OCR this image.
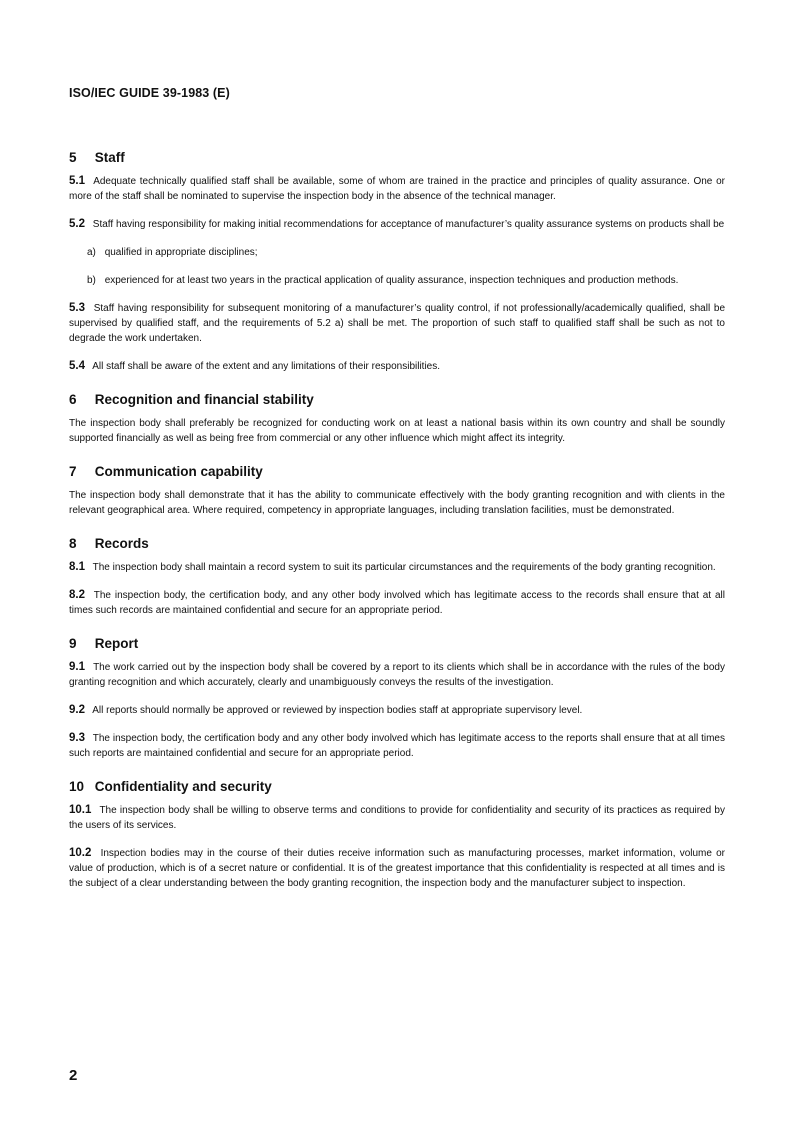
ISO/IEC GUIDE 39-1983 (E)
5 Staff
5.1 Adequate technically qualified staff shall be available, some of whom are trained in the practice and principles of quality assurance. One or more of the staff shall be nominated to supervise the inspection body in the absence of the technical manager.
5.2 Staff having responsibility for making initial recommendations for acceptance of manufacturer’s quality assurance systems on products shall be
a) qualified in appropriate disciplines;
b) experienced for at least two years in the practical application of quality assurance, inspection techniques and production methods.
5.3 Staff having responsibility for subsequent monitoring of a manufacturer’s quality control, if not professionally/academically qualified, shall be supervised by qualified staff, and the requirements of 5.2 a) shall be met. The proportion of such staff to qualified staff shall be such as not to degrade the work undertaken.
5.4 All staff shall be aware of the extent and any limitations of their responsibilities.
6 Recognition and financial stability
The inspection body shall preferably be recognized for conducting work on at least a national basis within its own country and shall be soundly supported financially as well as being free from commercial or any other influence which might affect its integrity.
7 Communication capability
The inspection body shall demonstrate that it has the ability to communicate effectively with the body granting recognition and with clients in the relevant geographical area. Where required, competency in appropriate languages, including translation facilities, must be demonstrated.
8 Records
8.1 The inspection body shall maintain a record system to suit its particular circumstances and the requirements of the body granting recognition.
8.2 The inspection body, the certification body, and any other body involved which has legitimate access to the records shall ensure that at all times such records are maintained confidential and secure for an appropriate period.
9 Report
9.1 The work carried out by the inspection body shall be covered by a report to its clients which shall be in accordance with the rules of the body granting recognition and which accurately, clearly and unambiguously conveys the results of the investigation.
9.2 All reports should normally be approved or reviewed by inspection bodies staff at appropriate supervisory level.
9.3 The inspection body, the certification body and any other body involved which has legitimate access to the reports shall ensure that at all times such reports are maintained confidential and secure for an appropriate period.
10 Confidentiality and security
10.1 The inspection body shall be willing to observe terms and conditions to provide for confidentiality and security of its practices as required by the users of its services.
10.2 Inspection bodies may in the course of their duties receive information such as manufacturing processes, market information, volume or value of production, which is of a secret nature or confidential. It is of the greatest importance that this confidentiality is respected at all times and is the subject of a clear understanding between the body granting recognition, the inspection body and the manufacturer subject to inspection.
2
